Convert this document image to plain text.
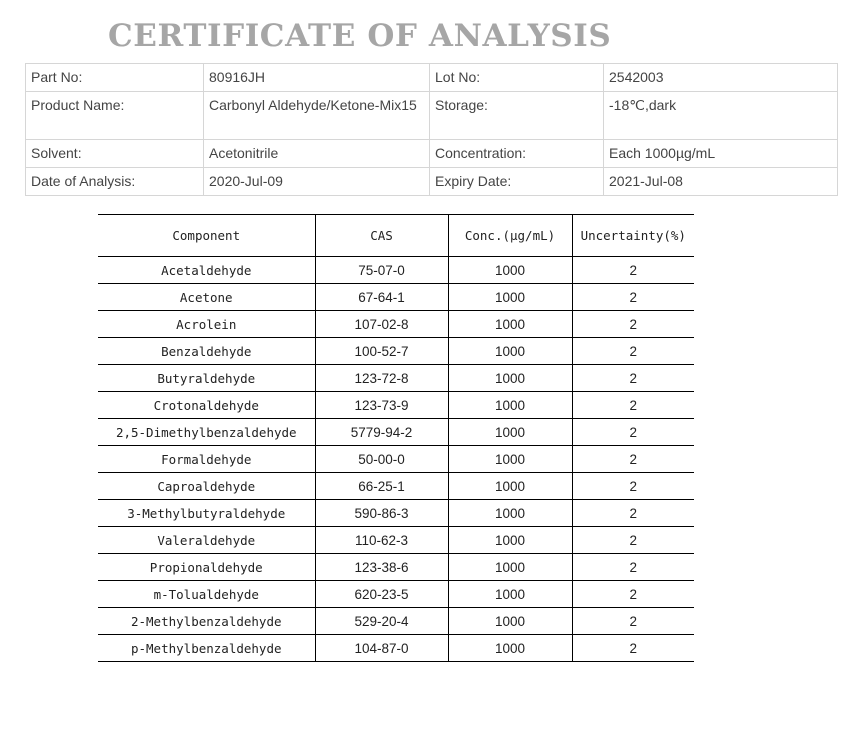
CERTIFICATE OF ANALYSIS
Part No:	80916JH	Lot No:	2542003
Product Name:	Carbonyl Aldehyde/Ketone-Mix15	Storage:	-18℃,dark
Solvent:	Acetonitrile	Concentration:	Each 1000µg/mL
Date of Analysis:	2020-Jul-09	Expiry Date:	2021-Jul-08
Component	CAS	Conc.(μg/mL)	Uncertainty(%)
Acetaldehyde	75-07-0	1000	2
Acetone	67-64-1	1000	2
Acrolein	107-02-8	1000	2
Benzaldehyde	100-52-7	1000	2
Butyraldehyde	123-72-8	1000	2
Crotonaldehyde	123-73-9	1000	2
2,5-Dimethylbenzaldehyde	5779-94-2	1000	2
Formaldehyde	50-00-0	1000	2
Caproaldehyde	66-25-1	1000	2
3-Methylbutyraldehyde	590-86-3	1000	2
Valeraldehyde	110-62-3	1000	2
Propionaldehyde	123-38-6	1000	2
m-Tolualdehyde	620-23-5	1000	2
2-Methylbenzaldehyde	529-20-4	1000	2
p-Methylbenzaldehyde	104-87-0	1000	2
